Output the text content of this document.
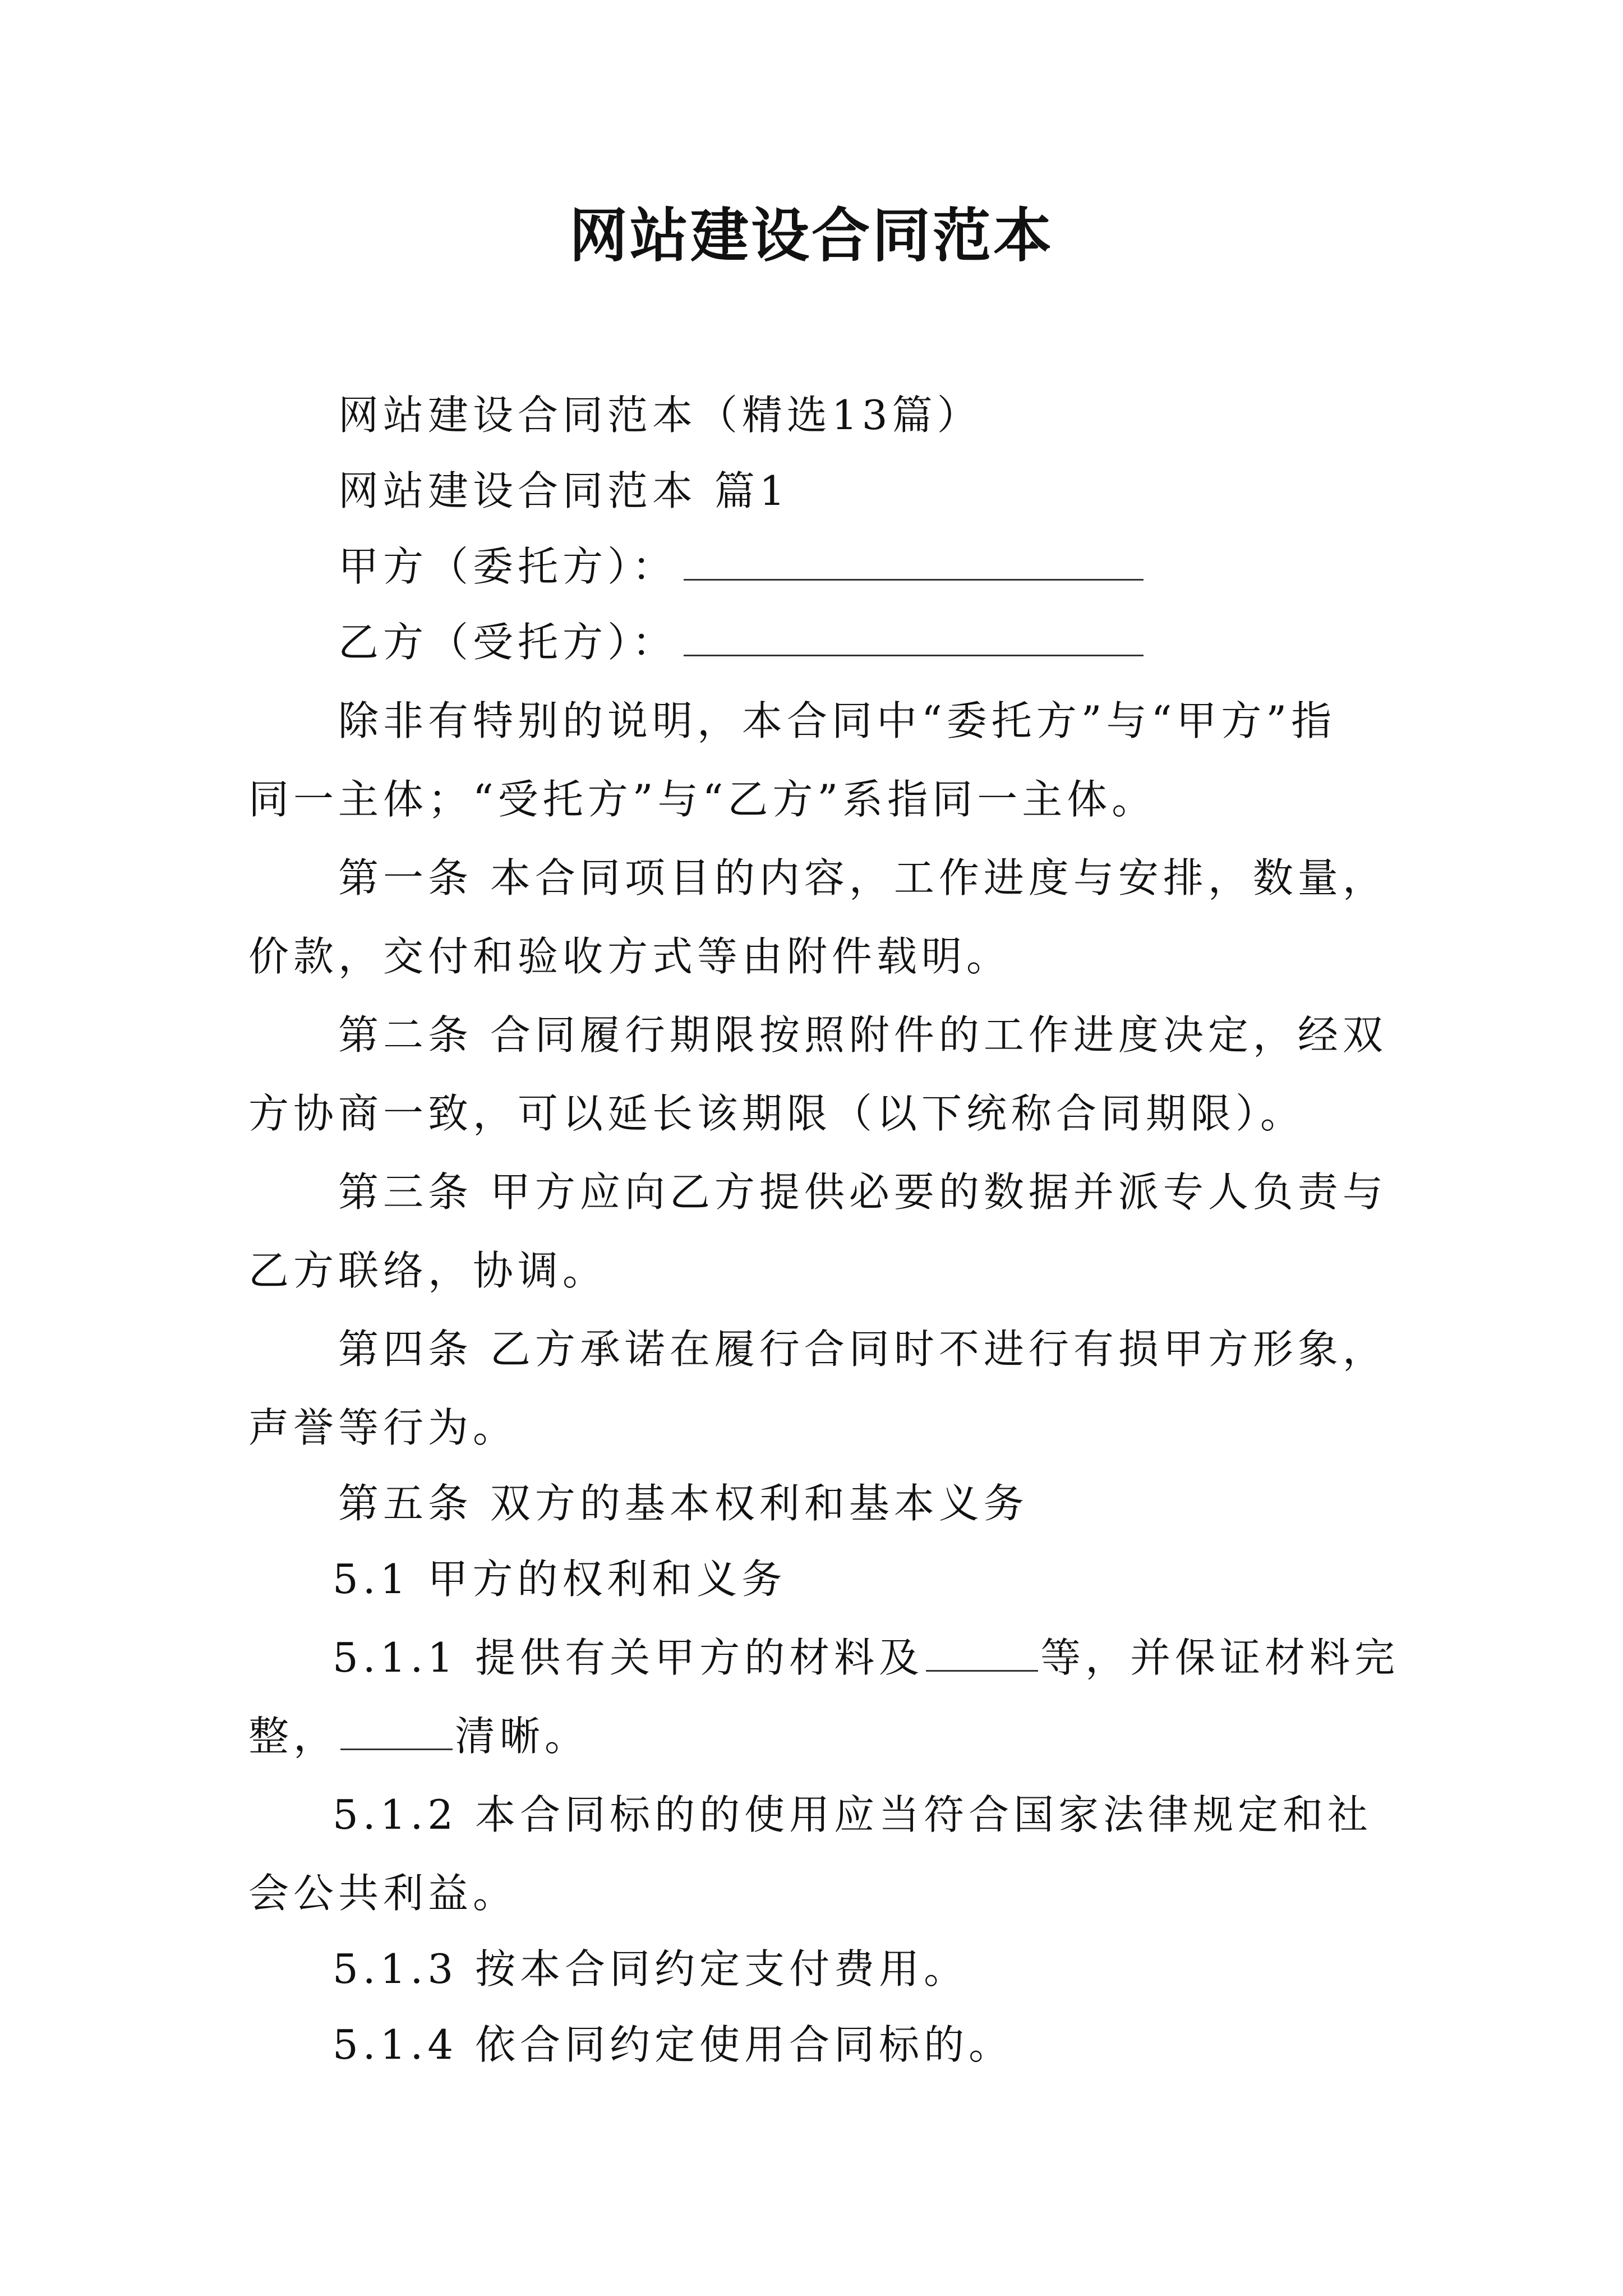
网站建设合同范本
网站建设合同范本（精选13篇）
网站建设合同范本 篇1
甲方（委托方）：
乙方（受托方）：
除非有特别的说明，本合同中“委托方”与“甲方”指
同一主体；“受托方”与“乙方”系指同一主体。
第一条 本合同项目的内容，工作进度与安排，数量，
价款，交付和验收方式等由附件载明。
第二条 合同履行期限按照附件的工作进度决定，经双
方协商一致，可以延长该期限（以下统称合同期限）。
第三条 甲方应向乙方提供必要的数据并派专人负责与
乙方联络，协调。
第四条 乙方承诺在履行合同时不进行有损甲方形象，
声誉等行为。
第五条 双方的基本权利和基本义务
5.1 甲方的权利和义务
5.1.1 提供有关甲方的材料及	等，并保证材料完
整，	清晰。
5.1.2 本合同标的的使用应当符合国家法律规定和社
会公共利益。
5.1.3 按本合同约定支付费用。
5.1.4 依合同约定使用合同标的。
